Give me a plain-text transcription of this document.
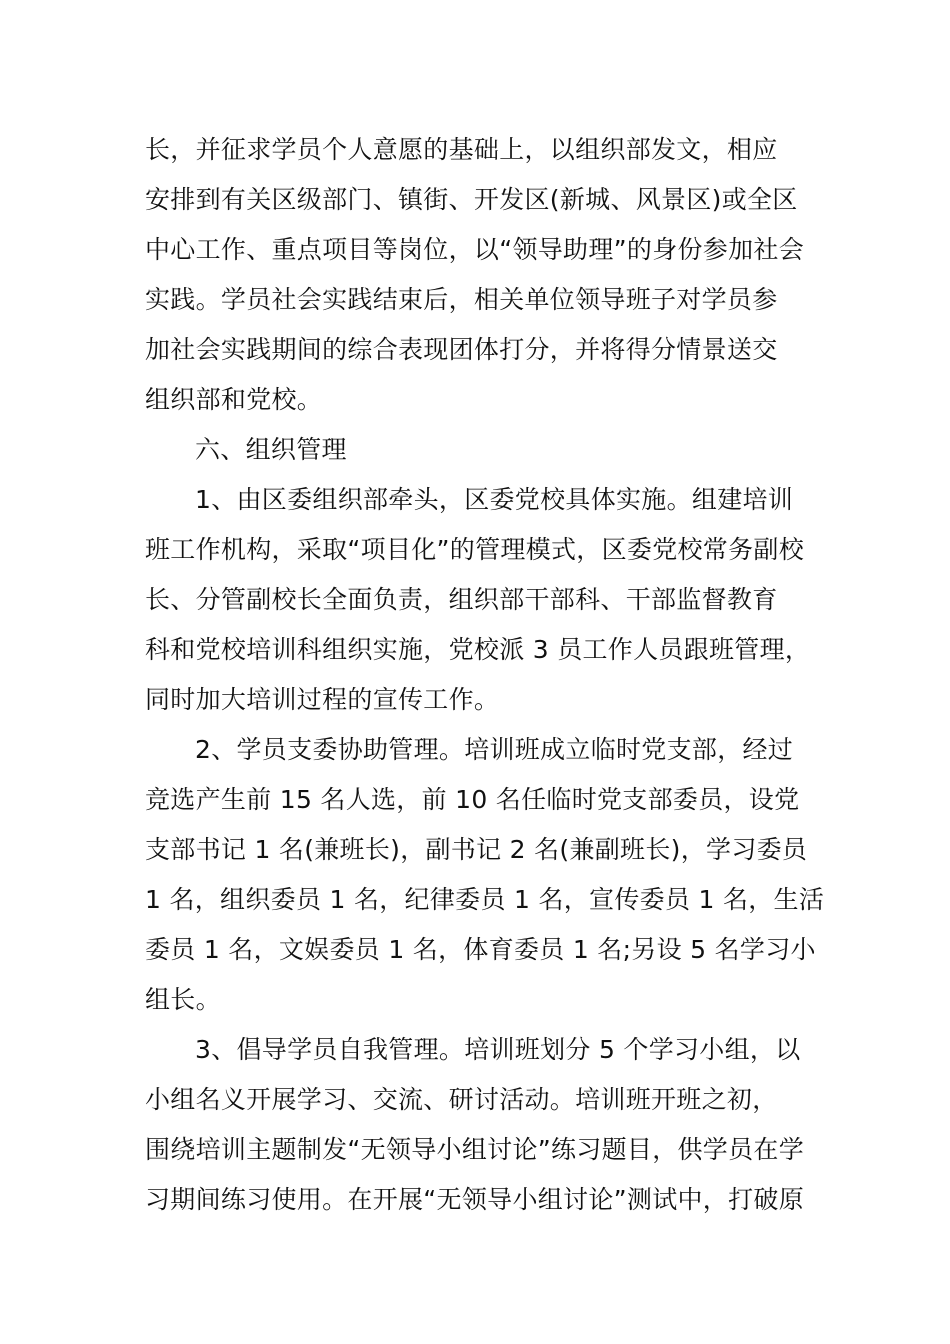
长，并征求学员个人意愿的基础上，以组织部发文，相应
安排到有关区级部门、镇街、开发区(新城、风景区)或全区
中心工作、重点项目等岗位，以“领导助理”的身份参加社会
实践。学员社会实践结束后，相关单位领导班子对学员参
加社会实践期间的综合表现团体打分，并将得分情景送交
组织部和党校。
六、组织管理
1、由区委组织部牵头，区委党校具体实施。组建培训
班工作机构，采取“项目化”的管理模式，区委党校常务副校
长、分管副校长全面负责，组织部干部科、干部监督教育
科和党校培训科组织实施，党校派 3 员工作人员跟班管理，
同时加大培训过程的宣传工作。
2、学员支委协助管理。培训班成立临时党支部，经过
竞选产生前 15 名人选，前 10 名任临时党支部委员，设党
支部书记 1 名(兼班长)，副书记 2 名(兼副班长)，学习委员
1 名，组织委员 1 名，纪律委员 1 名，宣传委员 1 名，生活
委员 1 名，文娱委员 1 名，体育委员 1 名;另设 5 名学习小
组长。
3、倡导学员自我管理。培训班划分 5 个学习小组，以
小组名义开展学习、交流、研讨活动。培训班开班之初，
围绕培训主题制发“无领导小组讨论”练习题目，供学员在学
习期间练习使用。在开展“无领导小组讨论”测试中，打破原
